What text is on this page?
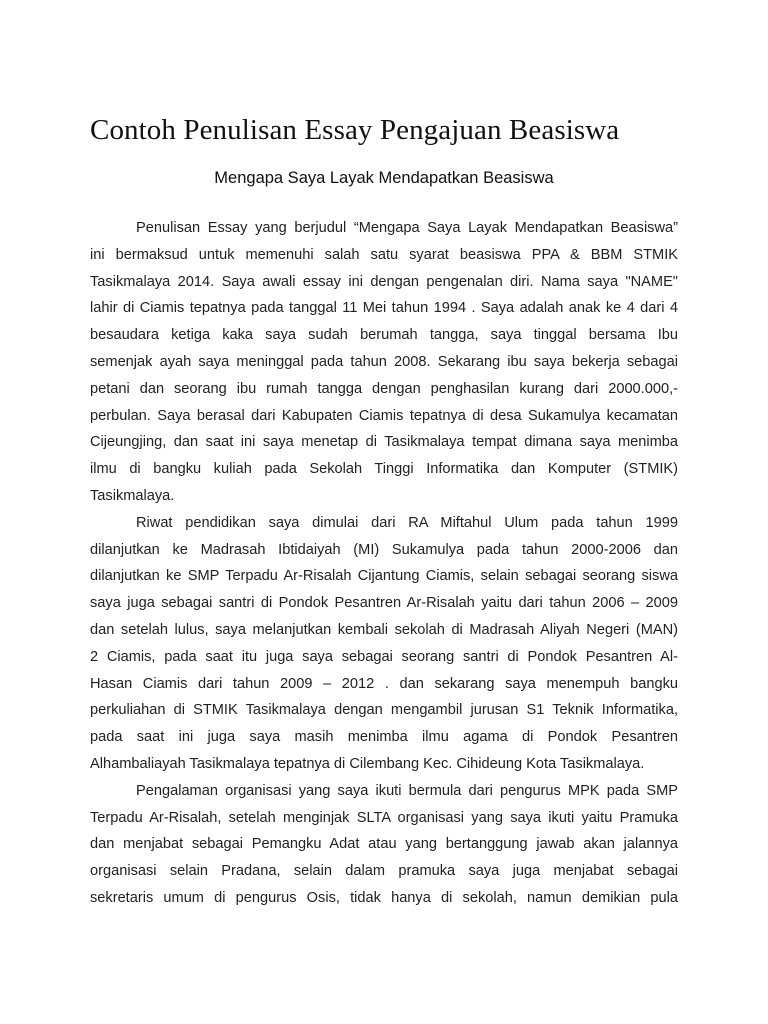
Contoh Penulisan Essay Pengajuan Beasiswa
Mengapa Saya Layak Mendapatkan Beasiswa
Penulisan Essay yang berjudul “Mengapa Saya Layak Mendapatkan Beasiswa”
ini bermaksud untuk memenuhi salah satu syarat beasiswa PPA & BBM STMIK
Tasikmalaya 2014. Saya awali essay ini dengan pengenalan diri. Nama saya "NAME"
lahir di Ciamis tepatnya pada tanggal 11 Mei tahun 1994 . Saya adalah anak ke 4 dari 4
besaudara ketiga kaka saya sudah berumah tangga, saya tinggal bersama Ibu
semenjak ayah saya meninggal pada tahun 2008. Sekarang ibu saya bekerja sebagai
petani dan seorang ibu rumah tangga dengan penghasilan kurang dari 2000.000,-
perbulan. Saya berasal dari Kabupaten Ciamis tepatnya di desa Sukamulya kecamatan
Cijeungjing, dan saat ini saya menetap di Tasikmalaya tempat dimana saya menimba
ilmu di bangku kuliah pada Sekolah Tinggi Informatika dan Komputer (STMIK)
Tasikmalaya.
Riwat pendidikan saya dimulai dari RA Miftahul Ulum pada tahun 1999
dilanjutkan ke Madrasah Ibtidaiyah (MI) Sukamulya pada tahun 2000-2006 dan
dilanjutkan ke SMP Terpadu Ar-Risalah Cijantung Ciamis, selain sebagai seorang siswa
saya juga sebagai santri di Pondok Pesantren Ar-Risalah yaitu dari tahun 2006 – 2009
dan setelah lulus, saya melanjutkan kembali sekolah di Madrasah Aliyah Negeri (MAN)
2 Ciamis, pada saat itu juga saya sebagai seorang santri di Pondok Pesantren Al-
Hasan Ciamis dari tahun 2009 – 2012 . dan sekarang saya menempuh bangku
perkuliahan di STMIK Tasikmalaya dengan mengambil jurusan S1 Teknik Informatika,
pada saat ini juga saya masih menimba ilmu agama di Pondok Pesantren
Alhambaliayah Tasikmalaya tepatnya di Cilembang Kec. Cihideung Kota Tasikmalaya.
Pengalaman organisasi yang saya ikuti bermula dari pengurus MPK pada SMP
Terpadu Ar-Risalah, setelah menginjak SLTA organisasi yang saya ikuti yaitu Pramuka
dan menjabat sebagai Pemangku Adat atau yang bertanggung jawab akan jalannya
organisasi selain Pradana, selain dalam pramuka saya juga menjabat sebagai
sekretaris umum di pengurus Osis, tidak hanya di sekolah, namun demikian pula
